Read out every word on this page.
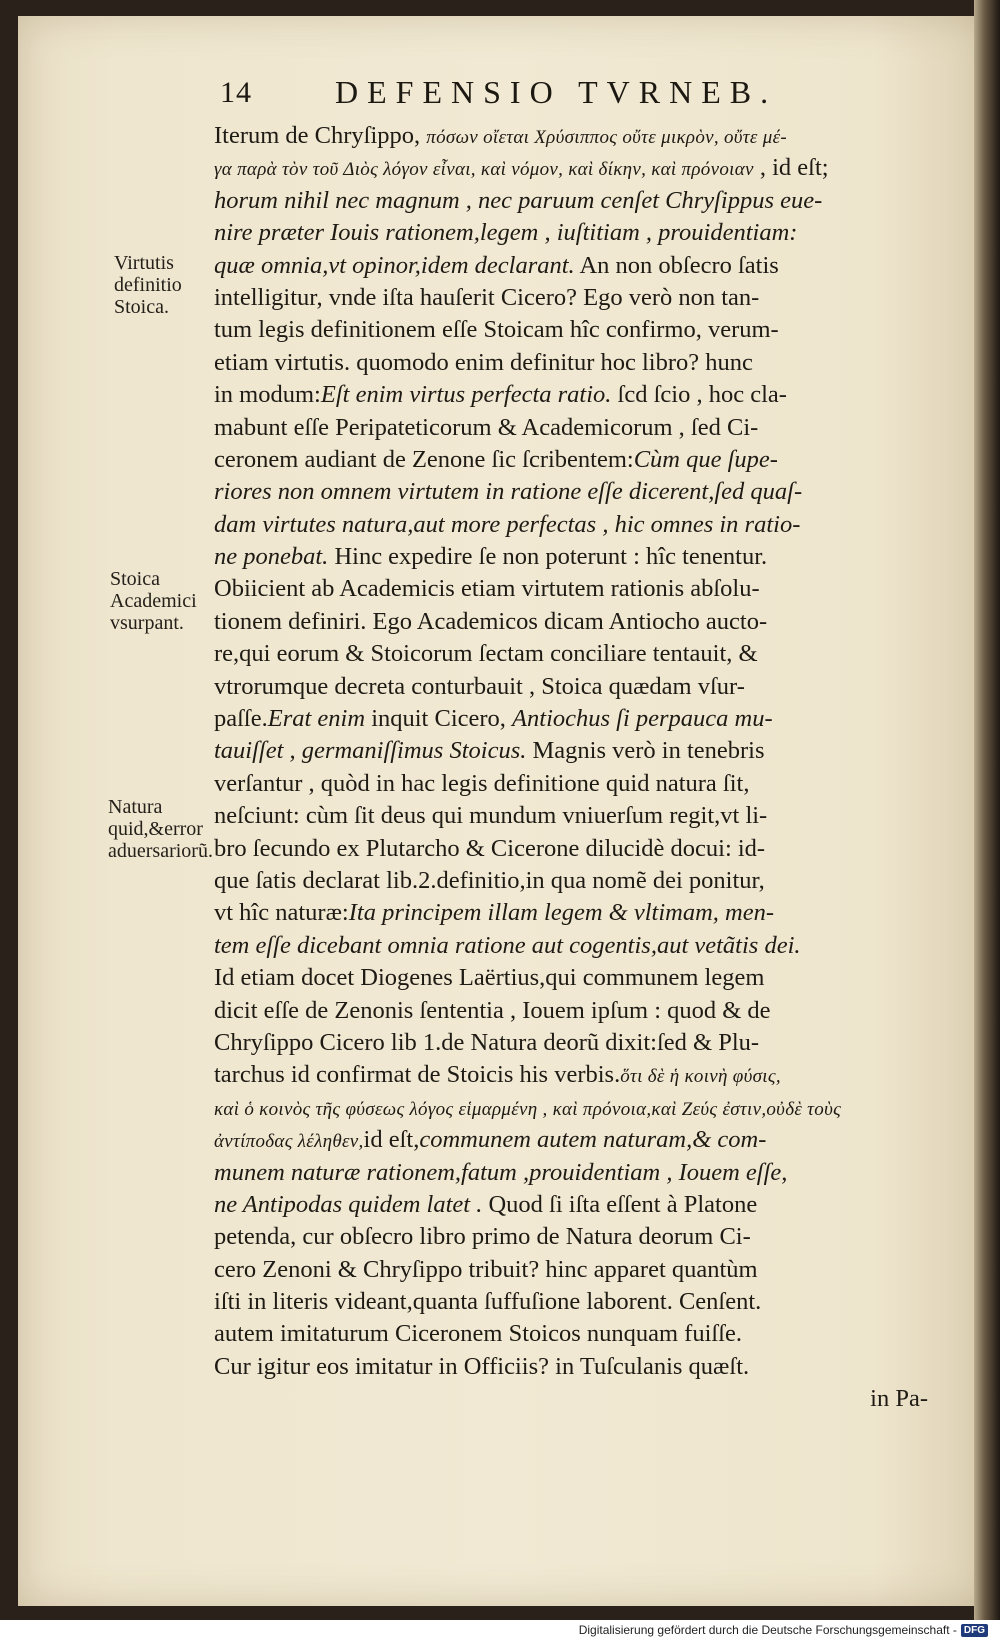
14	DEFENSIO TVRNEB.
Virtutis definitio Stoica.
Stoica Academici vsurpant.
Natura quid,&error aduersariorũ.
Iterum de Chryſippo, πόσων οἴεται Χρύσιππος οὔτε μικρὸν, οὔτε μέ-
γα παρὰ τὸν τοῦ Διὸς λόγον εἶναι, καὶ νόμον, καὶ δίκην, καὶ πρόνοιαν , id eſt;
horum nihil nec magnum , nec paruum cenſet Chryſippus eue-
nire præter Iouis rationem,legem , iuſtitiam , prouidentiam:
quæ omnia,vt opinor,idem declarant. An non obſecro ſatis
intelligitur, vnde iſta hauſerit Cicero? Ego verò non tan-
tum legis definitionem eſſe Stoicam hîc confirmo, verum-
etiam virtutis. quomodo enim definitur hoc libro? hunc
in modum:Eſt enim virtus perfecta ratio. ſcd ſcio , hoc cla-
mabunt eſſe Peripateticorum & Academicorum , ſed Ci-
ceronem audiant de Zenone ſic ſcribentem:Cùm que ſupe-
riores non omnem virtutem in ratione eſſe dicerent,ſed quaſ-
dam virtutes natura,aut more perfectas , hic omnes in ratio-
ne ponebat. Hinc expedire ſe non poterunt : hîc tenentur.
Obiicient ab Academicis etiam virtutem rationis abſolu-
tionem definiri. Ego Academicos dicam Antiocho aucto-
re,qui eorum & Stoicorum ſectam conciliare tentauit, &
vtrorumque decreta conturbauit , Stoica quædam vſur-
paſſe.Erat enim inquit Cicero, Antiochus ſi perpauca mu-
tauiſſet , germaniſſimus Stoicus. Magnis verò in tenebris
verſantur , quòd in hac legis definitione quid natura ſit,
neſciunt: cùm ſit deus qui mundum vniuerſum regit,vt li-
bro ſecundo ex Plutarcho & Cicerone dilucidè docui: id-
que ſatis declarat lib.2.definitio,in qua nomẽ dei ponitur,
vt hîc naturæ:Ita principem illam legem & vltimam, men-
tem eſſe dicebant omnia ratione aut cogentis,aut vetãtis dei.
Id etiam docet Diogenes Laërtius,qui communem legem
dicit eſſe de Zenonis ſententia , Iouem ipſum : quod & de
Chryſippo Cicero lib 1.de Natura deorũ dixit:ſed & Plu-
tarchus id confirmat de Stoicis his verbis.ὅτι δὲ ἡ κοινὴ φύσις,
καὶ ὁ κοινὸς τῆς φύσεως λόγος εἱμαρμένη , καὶ πρόνοια,καὶ Ζεύς ἐστιν,οὐδὲ τοὺς
ἀντίποδας λέληθεν,id eſt,communem autem naturam,& com-
munem naturæ rationem,fatum ,prouidentiam , Iouem eſſe,
ne Antipodas quidem latet . Quod ſi iſta eſſent à Platone
petenda, cur obſecro libro primo de Natura deorum Ci-
cero Zenoni & Chryſippo tribuit? hinc apparet quantùm
iſti in literis videant,quanta ſuffuſione laborent. Cenſent.
autem imitaturum Ciceronem Stoicos nunquam fuiſſe.
Cur igitur eos imitatur in Officiis? in Tuſculanis quæſt.
in Pa-
Digitalisierung gefördert durch die Deutsche Forschungsgemeinschaft - DFG
